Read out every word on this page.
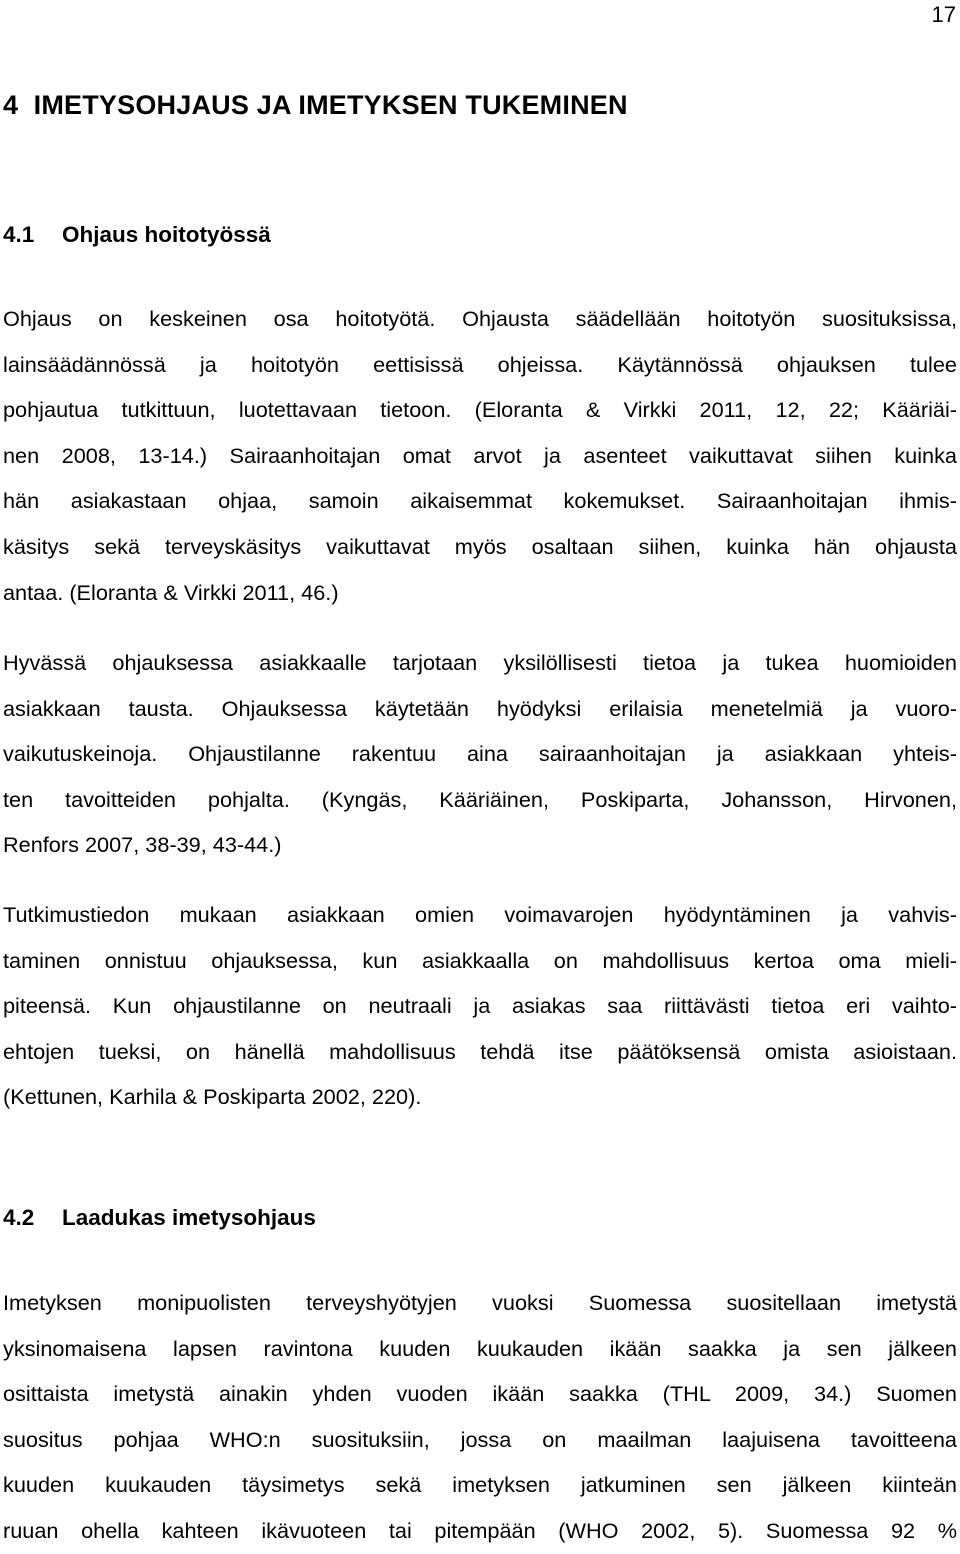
17
4  IMETYSOHJAUS JA IMETYKSEN TUKEMINEN
4.1 Ohjaus hoitotyössä
Ohjaus on keskeinen osa hoitotyötä. Ohjausta säädellään hoitotyön suosituksissa,
lainsäädännössä ja hoitotyön eettisissä ohjeissa. Käytännössä ohjauksen tulee
pohjautua tutkittuun, luotettavaan tietoon. (Eloranta & Virkki 2011, 12, 22; Kääriäi-
nen 2008, 13-14.) Sairaanhoitajan omat arvot ja asenteet vaikuttavat siihen kuinka
hän asiakastaan ohjaa, samoin aikaisemmat kokemukset. Sairaanhoitajan ihmis-
käsitys sekä terveyskäsitys vaikuttavat myös osaltaan siihen, kuinka hän ohjausta
antaa. (Eloranta & Virkki 2011, 46.)
Hyvässä ohjauksessa asiakkaalle tarjotaan yksilöllisesti tietoa ja tukea huomioiden
asiakkaan tausta. Ohjauksessa käytetään hyödyksi erilaisia menetelmiä ja vuoro-
vaikutuskeinoja. Ohjaustilanne rakentuu aina sairaanhoitajan ja asiakkaan yhteis-
ten tavoitteiden pohjalta. (Kyngäs, Kääriäinen, Poskiparta, Johansson, Hirvonen,
Renfors 2007, 38-39, 43-44.)
Tutkimustiedon mukaan asiakkaan omien voimavarojen hyödyntäminen ja vahvis-
taminen onnistuu ohjauksessa, kun asiakkaalla on mahdollisuus kertoa oma mieli-
piteensä. Kun ohjaustilanne on neutraali ja asiakas saa riittävästi tietoa eri vaihto-
ehtojen tueksi, on hänellä mahdollisuus tehdä itse päätöksensä omista asioistaan.
(Kettunen, Karhila & Poskiparta 2002, 220).
4.2 Laadukas imetysohjaus
Imetyksen monipuolisten terveyshyötyjen vuoksi Suomessa suositellaan imetystä
yksinomaisena lapsen ravintona kuuden kuukauden ikään saakka ja sen jälkeen
osittaista imetystä ainakin yhden vuoden ikään saakka (THL 2009, 34.) Suomen
suositus pohjaa WHO:n suosituksiin, jossa on maailman laajuisena tavoitteena
kuuden kuukauden täysimetys sekä imetyksen jatkuminen sen jälkeen kiinteän
ruuan ohella kahteen ikävuoteen tai pitempään (WHO 2002, 5). Suomessa 92 %
